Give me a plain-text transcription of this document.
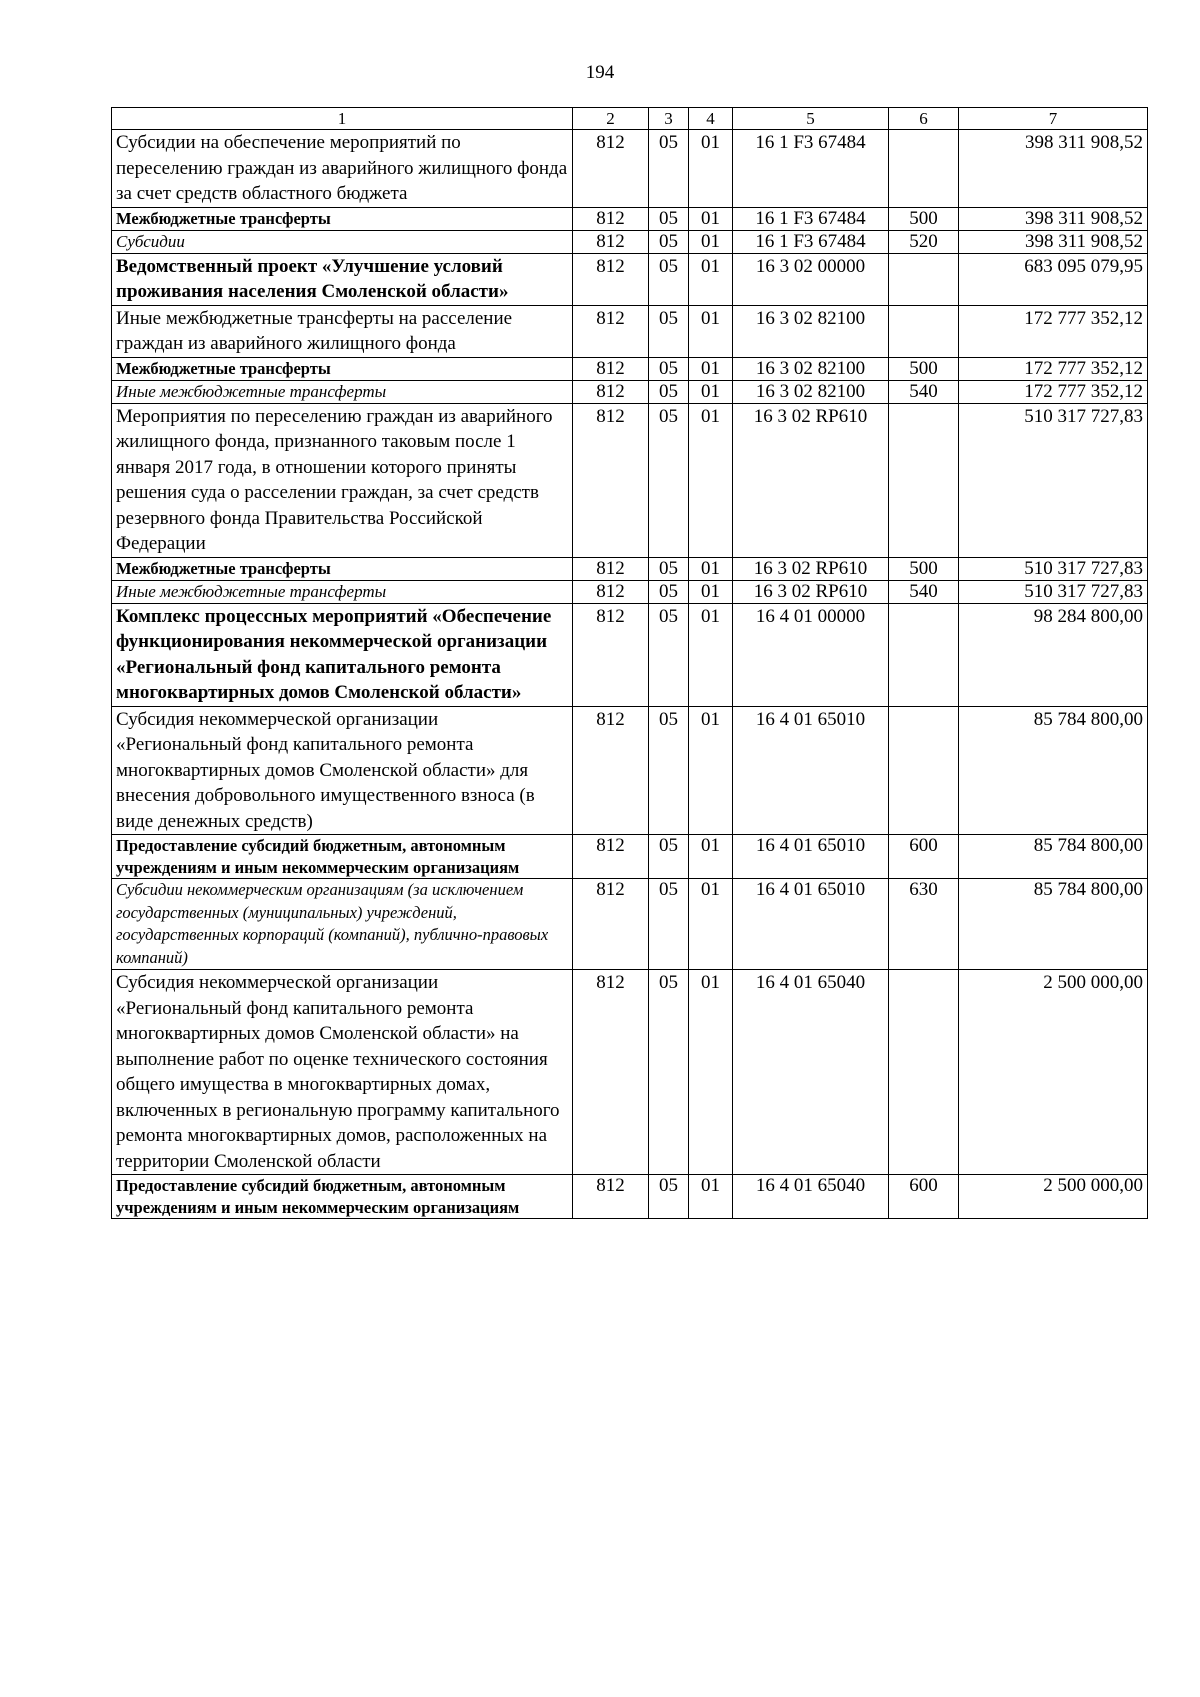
194
1	2	3	4	5	6	7
Субсидии на обеспечение мероприятий по переселению граждан из аварийного жилищного фонда за счет средств областного бюджета	812	05	01	16 1 F3 67484		398 311 908,52
Межбюджетные трансферты	812	05	01	16 1 F3 67484	500	398 311 908,52
Субсидии	812	05	01	16 1 F3 67484	520	398 311 908,52
Ведомственный проект «Улучшение условий проживания населения Смоленской области»	812	05	01	16 3 02 00000		683 095 079,95
Иные межбюджетные трансферты на расселение граждан из аварийного жилищного фонда	812	05	01	16 3 02 82100		172 777 352,12
Межбюджетные трансферты	812	05	01	16 3 02 82100	500	172 777 352,12
Иные межбюджетные трансферты	812	05	01	16 3 02 82100	540	172 777 352,12
Мероприятия по переселению граждан из аварийного жилищного фонда, признанного таковым после 1 января 2017 года, в отношении которого приняты решения суда о расселении граждан, за счет средств резервного фонда Правительства Российской Федерации	812	05	01	16 3 02 RP610		510 317 727,83
Межбюджетные трансферты	812	05	01	16 3 02 RP610	500	510 317 727,83
Иные межбюджетные трансферты	812	05	01	16 3 02 RP610	540	510 317 727,83
Комплекс процессных мероприятий «Обеспечение функционирования некоммерческой организации «Региональный фонд капитального ремонта многоквартирных домов Смоленской области»	812	05	01	16 4 01 00000		98 284 800,00
Субсидия некоммерческой организации «Региональный фонд капитального ремонта многоквартирных домов Смоленской области» для внесения добровольного имущественного взноса (в виде денежных средств)	812	05	01	16 4 01 65010		85 784 800,00
Предоставление субсидий бюджетным, автономным учреждениям и иным некоммерческим организациям	812	05	01	16 4 01 65010	600	85 784 800,00
Субсидии некоммерческим организациям (за исключением государственных (муниципальных) учреждений, государственных корпораций (компаний), публично-правовых компаний)	812	05	01	16 4 01 65010	630	85 784 800,00
Субсидия некоммерческой организации «Региональный фонд капитального ремонта многоквартирных домов Смоленской области» на выполнение работ по оценке технического состояния общего имущества в многоквартирных домах, включенных в региональную программу капитального ремонта многоквартирных домов, расположенных на территории Смоленской области	812	05	01	16 4 01 65040		2 500 000,00
Предоставление субсидий бюджетным, автономным учреждениям и иным некоммерческим организациям	812	05	01	16 4 01 65040	600	2 500 000,00
